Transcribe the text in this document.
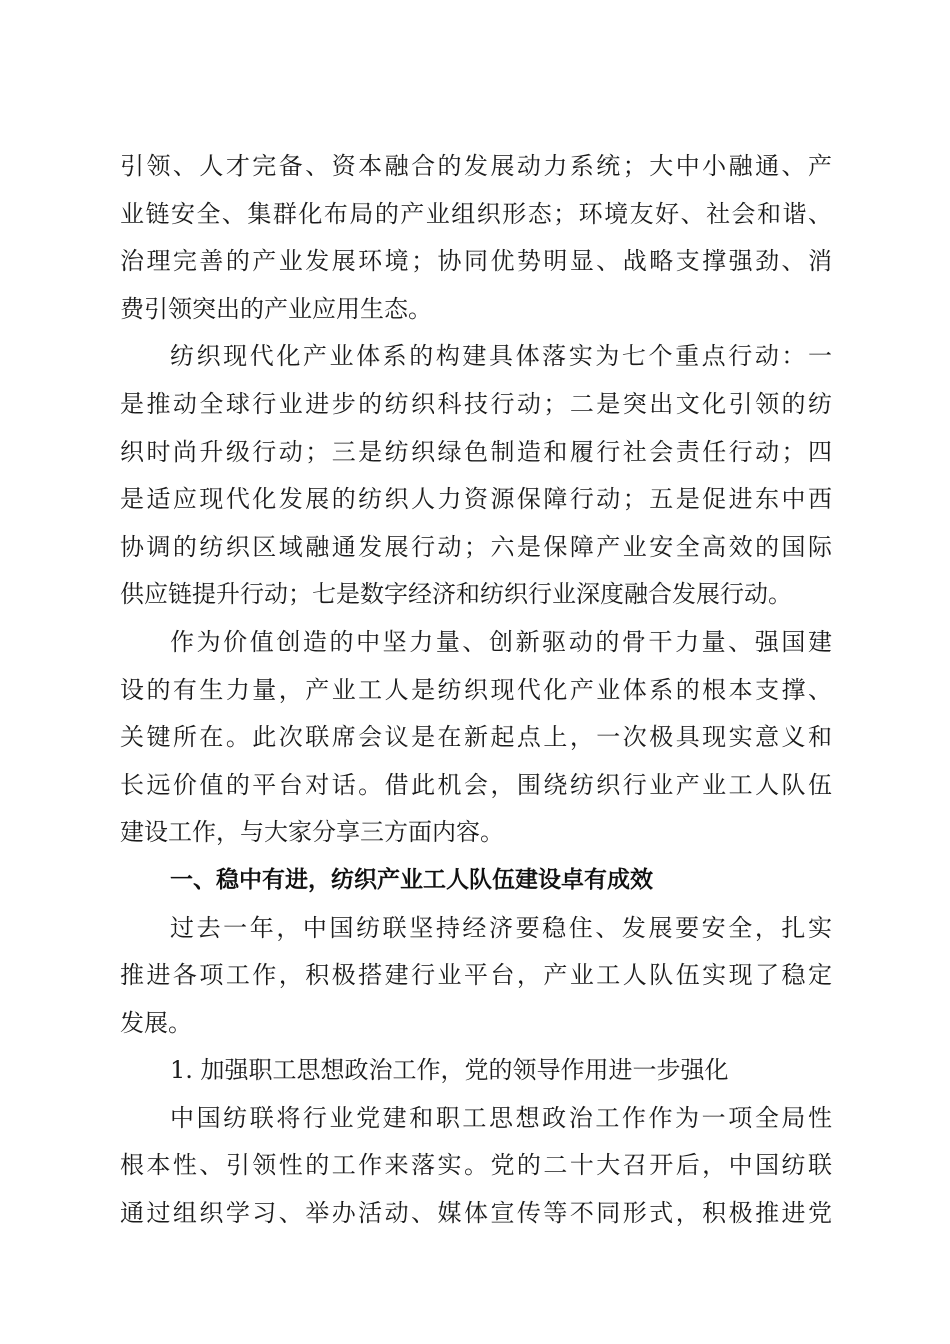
引领、人才完备、资本融合的发展动力系统；大中小融通、产
业链安全、集群化布局的产业组织形态；环境友好、社会和谐、
治理完善的产业发展环境；协同优势明显、战略支撑强劲、消
费引领突出的产业应用生态。
纺织现代化产业体系的构建具体落实为七个重点行动：一
是推动全球行业进步的纺织科技行动；二是突出文化引领的纺
织时尚升级行动；三是纺织绿色制造和履行社会责任行动；四
是适应现代化发展的纺织人力资源保障行动；五是促进东中西
协调的纺织区域融通发展行动；六是保障产业安全高效的国际
供应链提升行动；七是数字经济和纺织行业深度融合发展行动。
作为价值创造的中坚力量、创新驱动的骨干力量、强国建
设的有生力量，产业工人是纺织现代化产业体系的根本支撑、
关键所在。此次联席会议是在新起点上，一次极具现实意义和
长远价值的平台对话。借此机会，围绕纺织行业产业工人队伍
建设工作，与大家分享三方面内容。
一、稳中有进，纺织产业工人队伍建设卓有成效
过去一年，中国纺联坚持经济要稳住、发展要安全，扎实
推进各项工作，积极搭建行业平台，产业工人队伍实现了稳定
发展。
1. 加强职工思想政治工作，党的领导作用进一步强化
中国纺联将行业党建和职工思想政治工作作为一项全局性
根本性、引领性的工作来落实。党的二十大召开后，中国纺联
通过组织学习、举办活动、媒体宣传等不同形式，积极推进党
